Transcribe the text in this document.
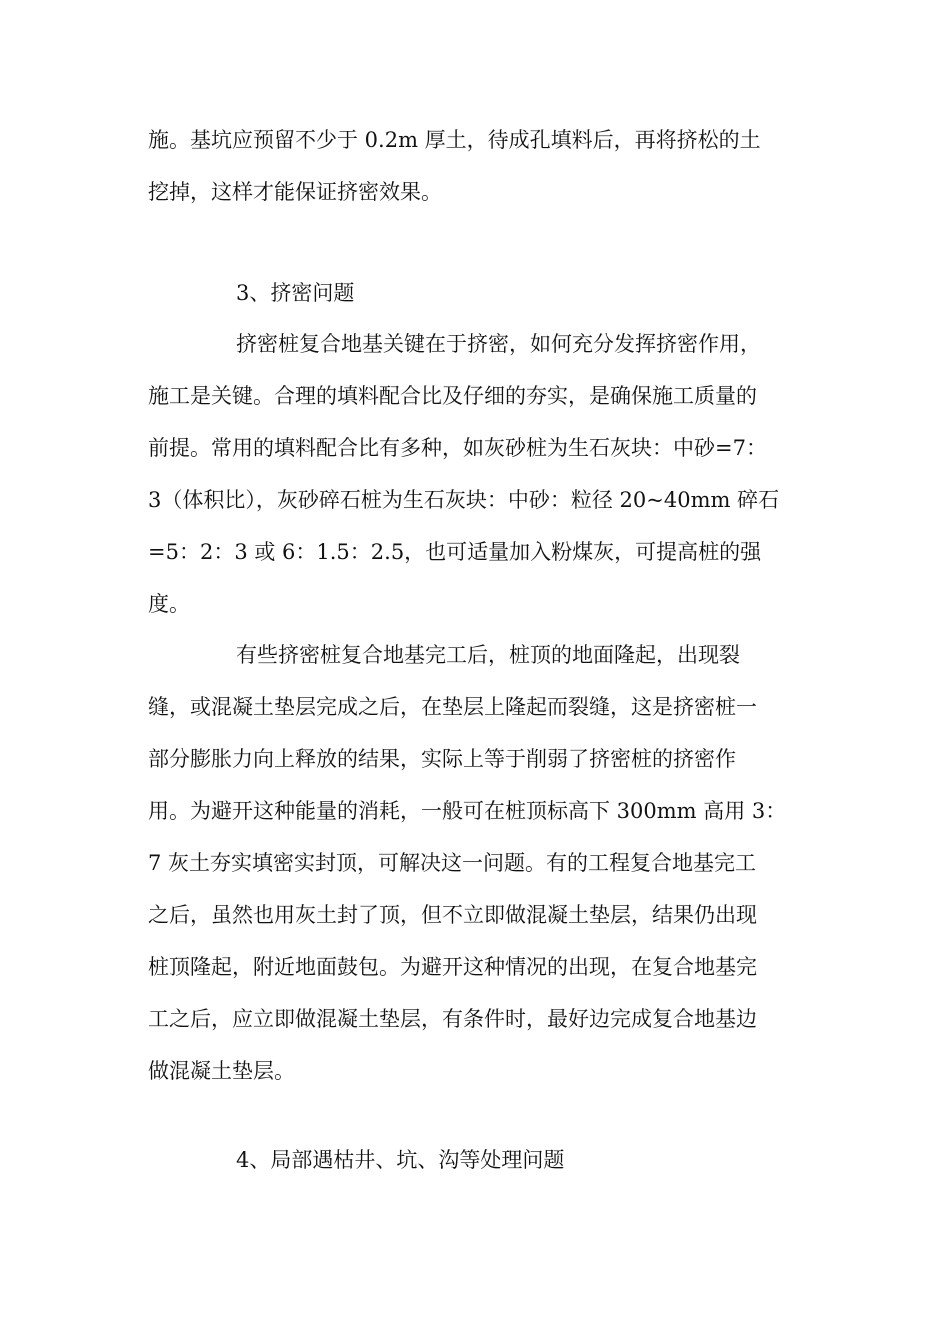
施。基坑应预留不少于 0.2m 厚土，待成孔填料后，再将挤松的土
挖掉，这样才能保证挤密效果。
3、挤密问题
挤密桩复合地基关键在于挤密，如何充分发挥挤密作用，
施工是关键。合理的填料配合比及仔细的夯实，是确保施工质量的
前提。常用的填料配合比有多种，如灰砂桩为生石灰块：中砂=7：
3（体积比），灰砂碎石桩为生石灰块：中砂：粒径 20~40mm 碎石
=5：2：3 或 6：1.5：2.5，也可适量加入粉煤灰，可提高桩的强
度。
有些挤密桩复合地基完工后，桩顶的地面隆起，出现裂
缝，或混凝土垫层完成之后，在垫层上隆起而裂缝，这是挤密桩一
部分膨胀力向上释放的结果，实际上等于削弱了挤密桩的挤密作
用。为避开这种能量的消耗，一般可在桩顶标高下 300mm 高用 3：
7 灰土夯实填密实封顶，可解决这一问题。有的工程复合地基完工
之后，虽然也用灰土封了顶，但不立即做混凝土垫层，结果仍出现
桩顶隆起，附近地面鼓包。为避开这种情况的出现，在复合地基完
工之后，应立即做混凝土垫层，有条件时，最好边完成复合地基边
做混凝土垫层。
4、局部遇枯井、坑、沟等处理问题
